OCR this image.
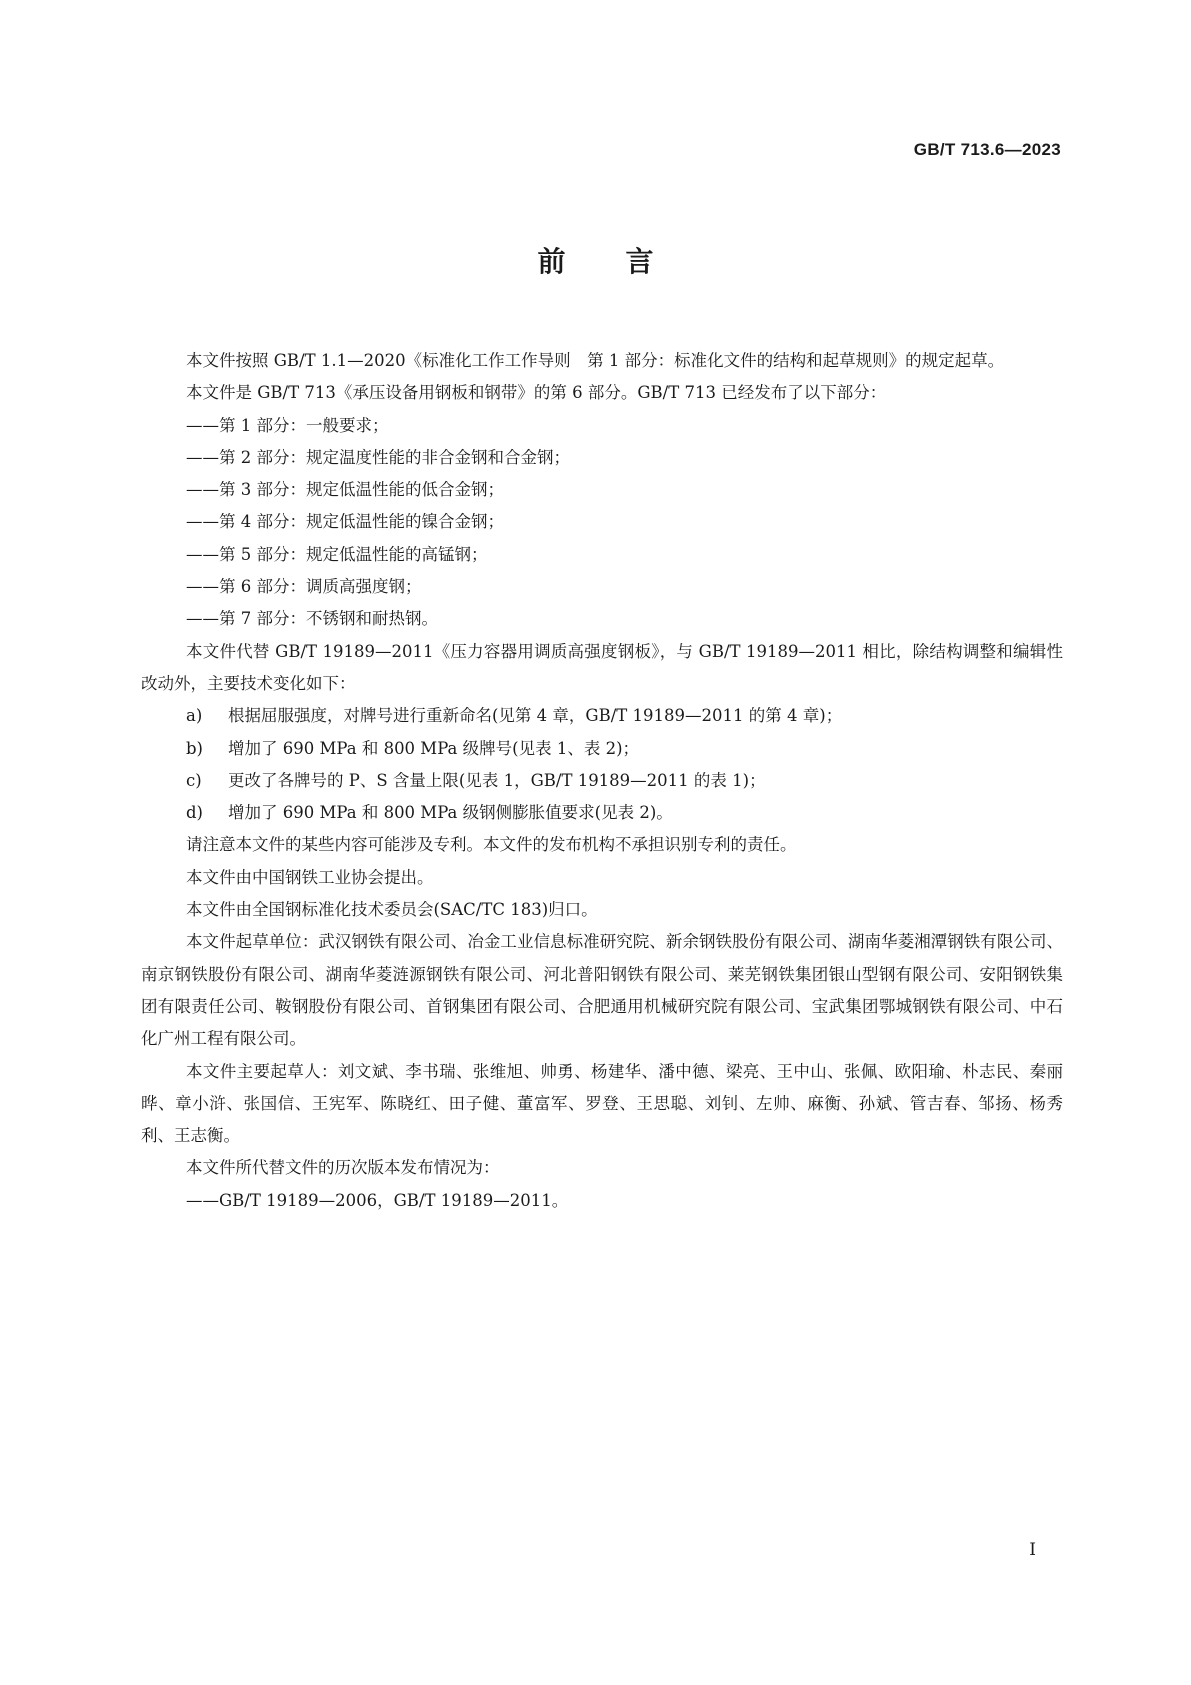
GB/T 713.6—2023
前言

本文件按照 GB/T 1.1—2020《标准化工作工作导则　第 1 部分：标准化文件的结构和起草规则》的规定起草。

本文件是 GB/T 713《承压设备用钢板和钢带》的第 6 部分。GB/T 713 已经发布了以下部分：

——第 1 部分：一般要求；

——第 2 部分：规定温度性能的非合金钢和合金钢；

——第 3 部分：规定低温性能的低合金钢；

——第 4 部分：规定低温性能的镍合金钢；

——第 5 部分：规定低温性能的高锰钢；

——第 6 部分：调质高强度钢；

——第 7 部分：不锈钢和耐热钢。

本文件代替 GB/T 19189—2011《压力容器用调质高强度钢板》，与 GB/T 19189—2011 相比，除结构调整和编辑性改动外，主要技术变化如下：

a) 根据屈服强度，对牌号进行重新命名(见第 4 章，GB/T 19189—2011 的第 4 章)；

b) 增加了 690 MPa 和 800 MPa 级牌号(见表 1、表 2)；

c) 更改了各牌号的 P、S 含量上限(见表 1，GB/T 19189—2011 的表 1)；

d) 增加了 690 MPa 和 800 MPa 级钢侧膨胀值要求(见表 2)。

请注意本文件的某些内容可能涉及专利。本文件的发布机构不承担识别专利的责任。

本文件由中国钢铁工业协会提出。

本文件由全国钢标准化技术委员会(SAC/TC 183)归口。

本文件起草单位：武汉钢铁有限公司、冶金工业信息标准研究院、新余钢铁股份有限公司、湖南华菱湘潭钢铁有限公司、南京钢铁股份有限公司、湖南华菱涟源钢铁有限公司、河北普阳钢铁有限公司、莱芜钢铁集团银山型钢有限公司、安阳钢铁集团有限责任公司、鞍钢股份有限公司、首钢集团有限公司、合肥通用机械研究院有限公司、宝武集团鄂城钢铁有限公司、中石化广州工程有限公司。

本文件主要起草人：刘文斌、李书瑞、张维旭、帅勇、杨建华、潘中德、梁亮、王中山、张佩、欧阳瑜、朴志民、秦丽晔、章小浒、张国信、王宪军、陈晓红、田子健、董富军、罗登、王思聪、刘钊、左帅、麻衡、孙斌、管吉春、邹扬、杨秀利、王志衡。

本文件所代替文件的历次版本发布情况为：

——GB/T 19189—2006，GB/T 19189—2011。

I
